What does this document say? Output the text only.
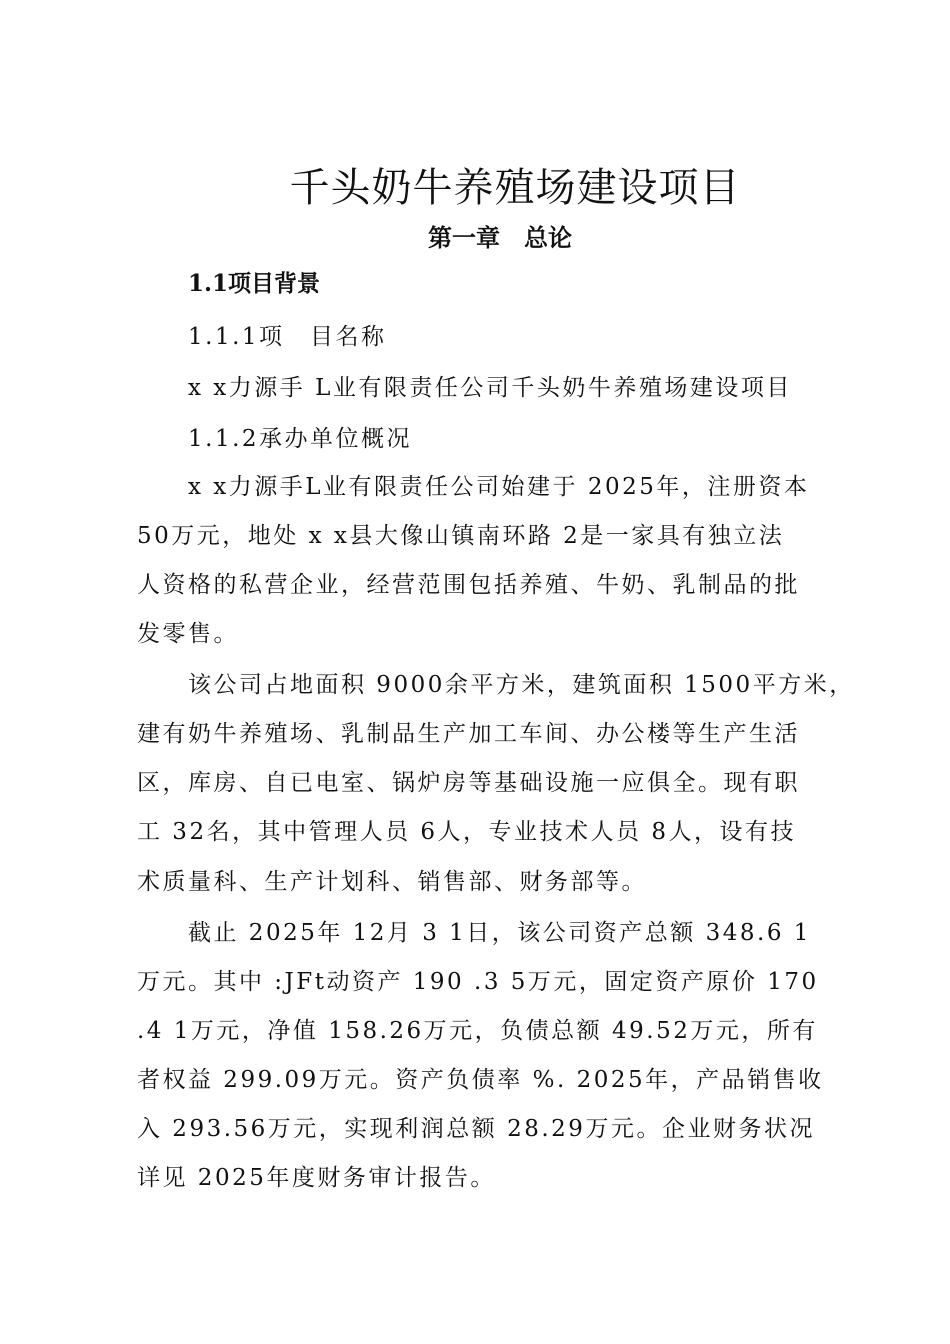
千头奶牛养殖场建设项目
第一章　总论
1.1项目背景
1.1.1项　目名称
x x力源手 L业有限责任公司千头奶牛养殖场建设项目
1.1.2承办单位概况
x x力源手L业有限责任公司始建于 2025年，注册资本
50万元，地处 x x县大像山镇南环路 2是一家具有独立法
人资格的私营企业，经营范围包括养殖、牛奶、乳制品的批
发零售。
该公司占地面积 9000余平方米，建筑面积 1500平方米，
建有奶牛养殖场、乳制品生产加工车间、办公楼等生产生活
区，库房、自已电室、锅炉房等基础设施一应俱全。现有职
工 32名，其中管理人员 6人，专业技术人员 8人，设有技
术质量科、生产计划科、销售部、财务部等。
截止 2025年 12月 3 1日，该公司资产总额 348.6 1
万元。其中 :JFt动资产 190 .3 5万元，固定资产原价 170
.4 1万元，净值 158.26万元，负债总额 49.52万元，所有
者权益 299.09万元。资产负债率 %. 2025年，产品销售收
入 293.56万元，实现利润总额 28.29万元。企业财务状况
详见 2025年度财务审计报告。
